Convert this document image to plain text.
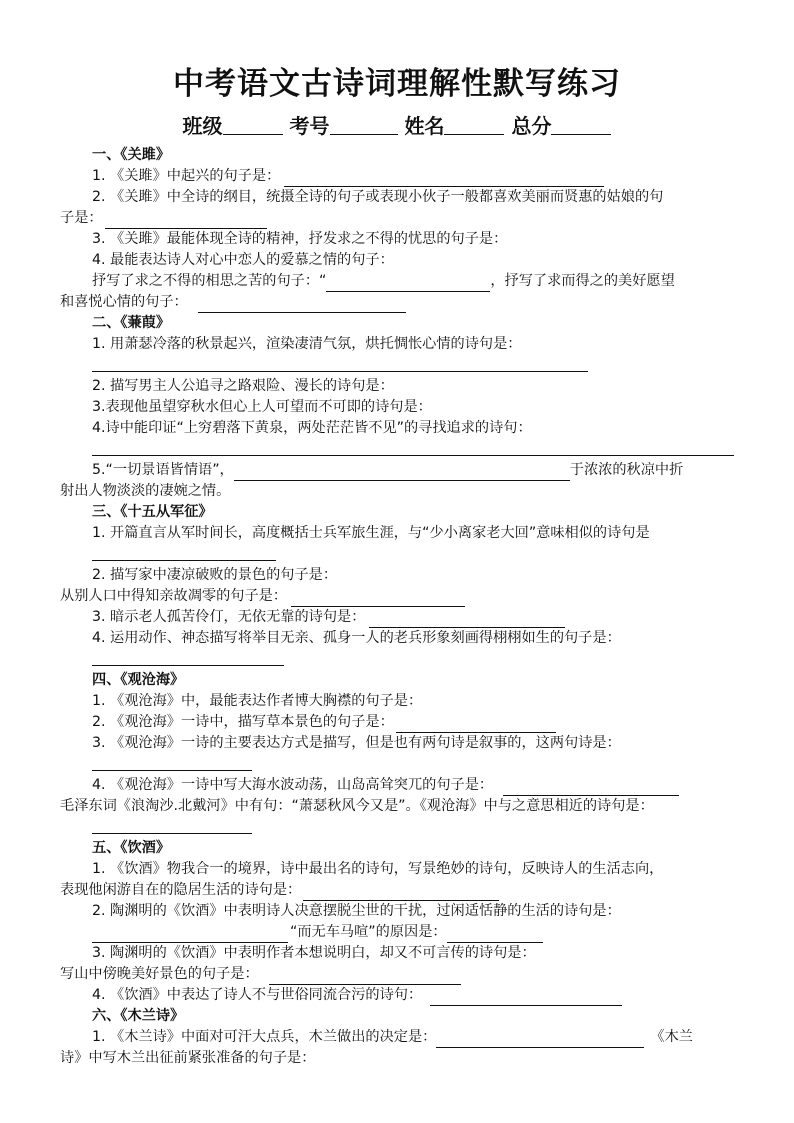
中考语文古诗词理解性默写练习
班级	考号	姓名	总分
一、《关雎》
1. 《关雎》中起兴的句子是：
2. 《关雎》中全诗的纲目，统摄全诗的句子或表现小伙子一般都喜欢美丽而贤惠的姑娘的句
子是：
3. 《关雎》最能体现全诗的精神，抒发求之不得的忧思的句子是：
4. 最能表达诗人对心中恋人的爱慕之情的句子：
抒写了求之不得的相思之苦的句子：“	，抒写了求而得之的美好愿望
和喜悦心情的句子：
二、《蒹葭》
1. 用萧瑟冷落的秋景起兴，渲染凄清气氛，烘托惆怅心情的诗句是：
2. 描写男主人公追寻之路艰险、漫长的诗句是：
3.表现他虽望穿秋水但心上人可望而不可即的诗句是：
4.诗中能印证“上穷碧落下黄泉，两处茫茫皆不见”的寻找追求的诗句：
5.“一切景语皆情语”，	于浓浓的秋凉中折
射出人物淡淡的凄婉之情。
三、《十五从军征》
1. 开篇直言从军时间长，高度概括士兵军旅生涯，与“少小离家老大回”意味相似的诗句是
2. 描写家中凄凉破败的景色的句子是：
从别人口中得知亲故凋零的句子是：
3. 暗示老人孤苦伶仃，无依无靠的诗句是：
4. 运用动作、神态描写将举目无亲、孤身一人的老兵形象刻画得栩栩如生的句子是：
四、《观沧海》
1. 《观沧海》中，最能表达作者博大胸襟的句子是：
2. 《观沧海》一诗中，描写草本景色的句子是：
3. 《观沧海》一诗的主要表达方式是描写，但是也有两句诗是叙事的，这两句诗是：
4. 《观沧海》一诗中写大海水波动荡，山岛高耸突兀的句子是：
毛泽东词《浪淘沙.北戴河》中有句：“萧瑟秋风今又是”。《观沧海》中与之意思相近的诗句是：
五、《饮酒》
1. 《饮酒》物我合一的境界，诗中最出名的诗句，写景绝妙的诗句，反映诗人的生活志向，
表现他闲游自在的隐居生活的诗句是：
2. 陶渊明的《饮酒》中表明诗人决意摆脱尘世的干扰，过闲适恬静的生活的诗句是：
“而无车马喧”的原因是：
3. 陶渊明的《饮酒》中表明作者本想说明白，却又不可言传的诗句是：
写山中傍晚美好景色的句子是：
4. 《饮酒》中表达了诗人不与世俗同流合污的诗句：
六、《木兰诗》
1. 《木兰诗》中面对可汗大点兵，木兰做出的决定是：	《木兰
诗》中写木兰出征前紧张准备的句子是：
